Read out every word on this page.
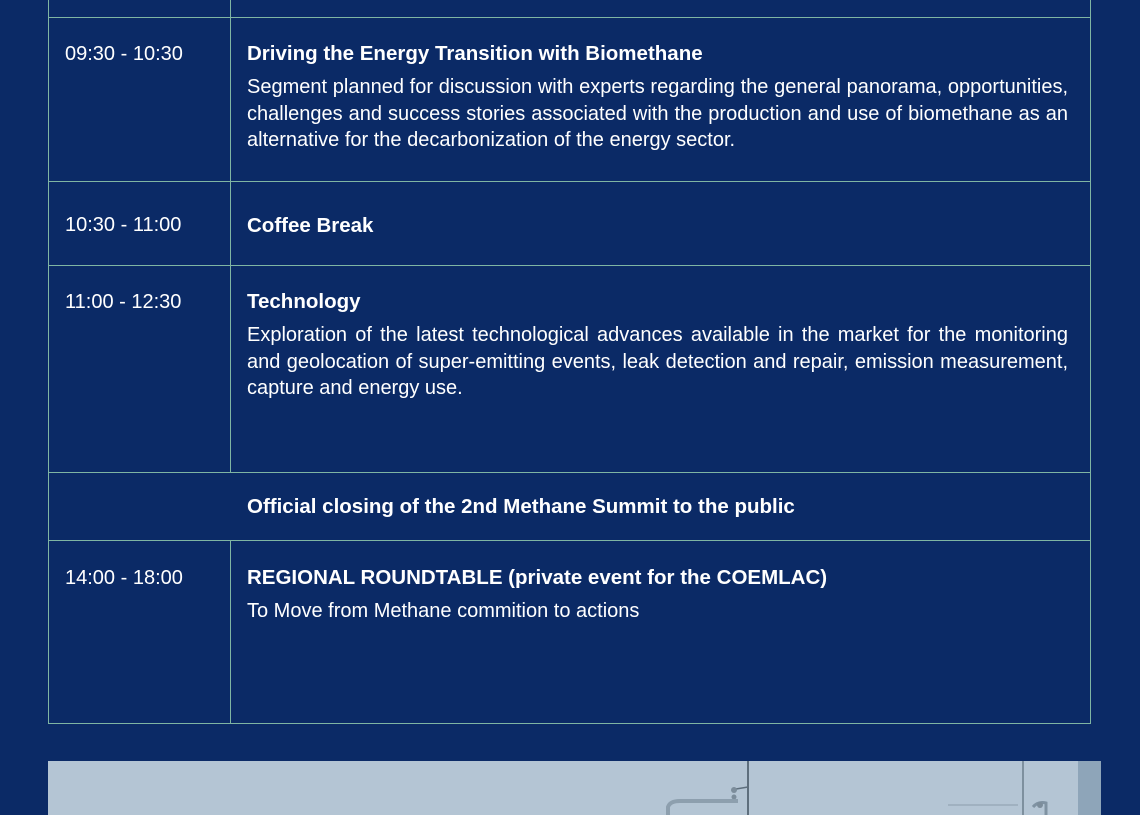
09:30 - 10:30	Driving the Energy Transition with Biomethane
Segment planned for discussion with experts regarding the general panorama, opportunities, challenges and success stories associated with the production and use of biomethane as an alternative for the decarbonization of the energy sector.
10:30 - 11:00	Coffee Break
11:00 - 12:30	Technology
Exploration of the latest technological advances available in the market for the monitoring and geolocation of super-emitting events, leak detection and repair, emission measurement, capture and energy use.
Official closing of the 2nd Methane Summit to the public
14:00 - 18:00	REGIONAL ROUNDTABLE (private event for the COEMLAC)
To Move from Methane commition to actions
